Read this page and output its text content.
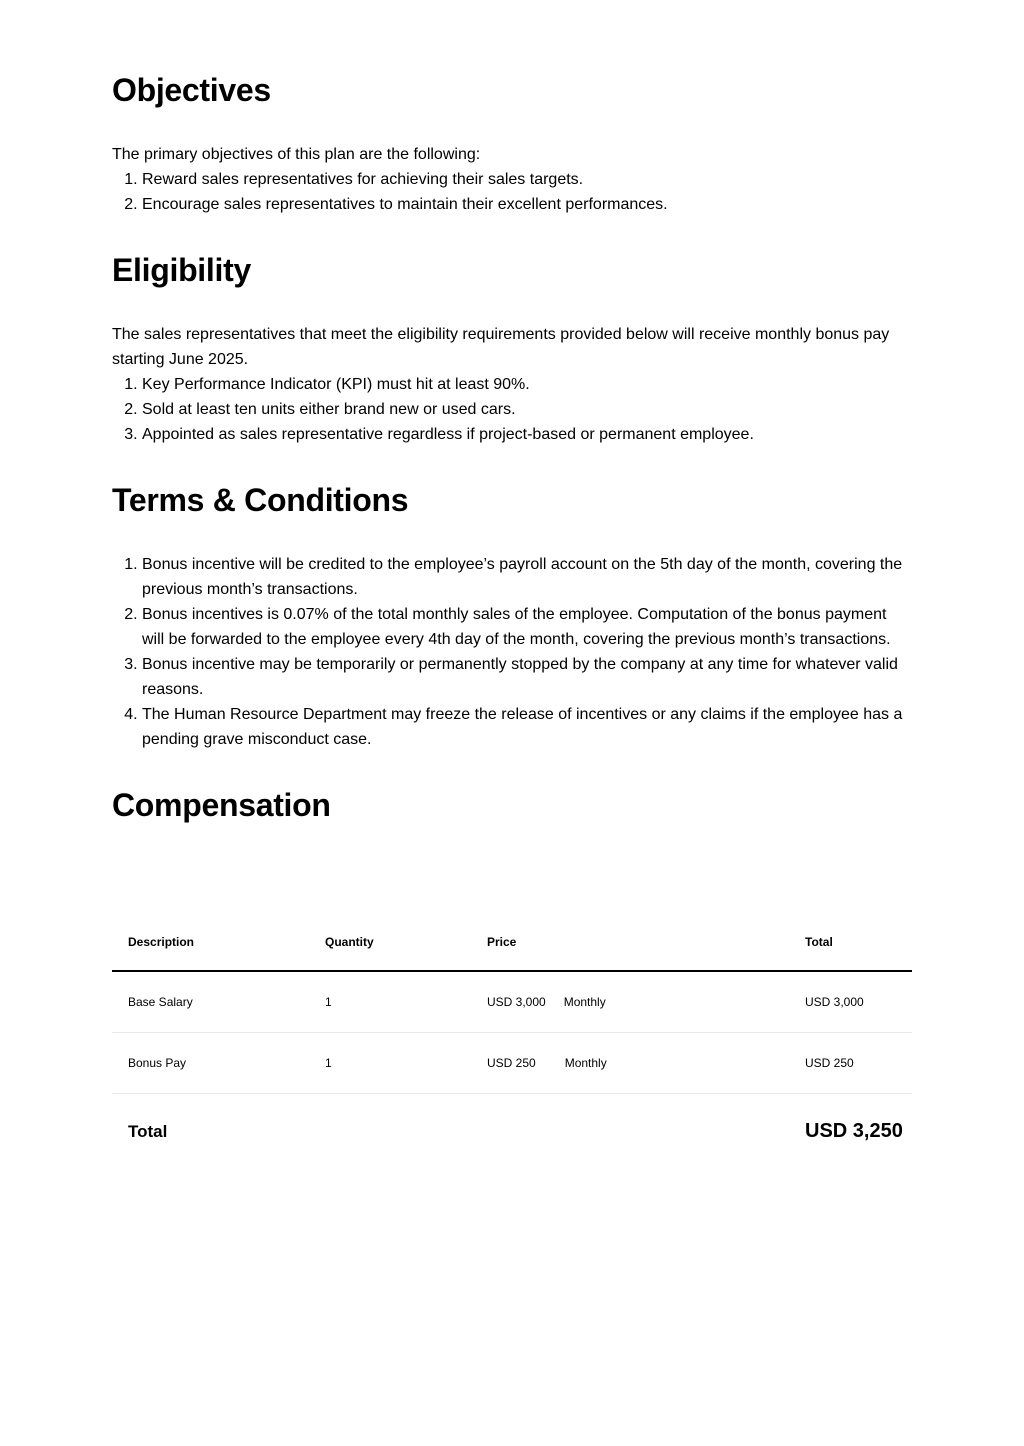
Objectives

The primary objectives of this plan are the following:

1. Reward sales representatives for achieving their sales targets.
2. Encourage sales representatives to maintain their excellent performances.
Eligibility

The sales representatives that meet the eligibility requirements provided below will receive monthly bonus pay starting June 2025.

1. Key Performance Indicator (KPI) must hit at least 90%.
2. Sold at least ten units either brand new or used cars.
3. Appointed as sales representative regardless if project-based or permanent employee.
Terms & Conditions
1. Bonus incentive will be credited to the employee’s payroll account on the 5th day of the month, covering the previous month’s transactions.
2. Bonus incentives is 0.07% of the total monthly sales of the employee. Computation of the bonus payment will be forwarded to the employee every 4th day of the month, covering the previous month’s transactions.
3. Bonus incentive may be temporarily or permanently stopped by the company at any time for whatever valid reasons.
4. The Human Resource Department may freeze the release of incentives or any claims if the employee has a pending grave misconduct case.
Compensation
Description	Quantity	Price	Total
Base Salary	1	USD 3,000 Monthly	USD 3,000
Bonus Pay	1	USD 250 Monthly	USD 250
Total	USD 3,250
